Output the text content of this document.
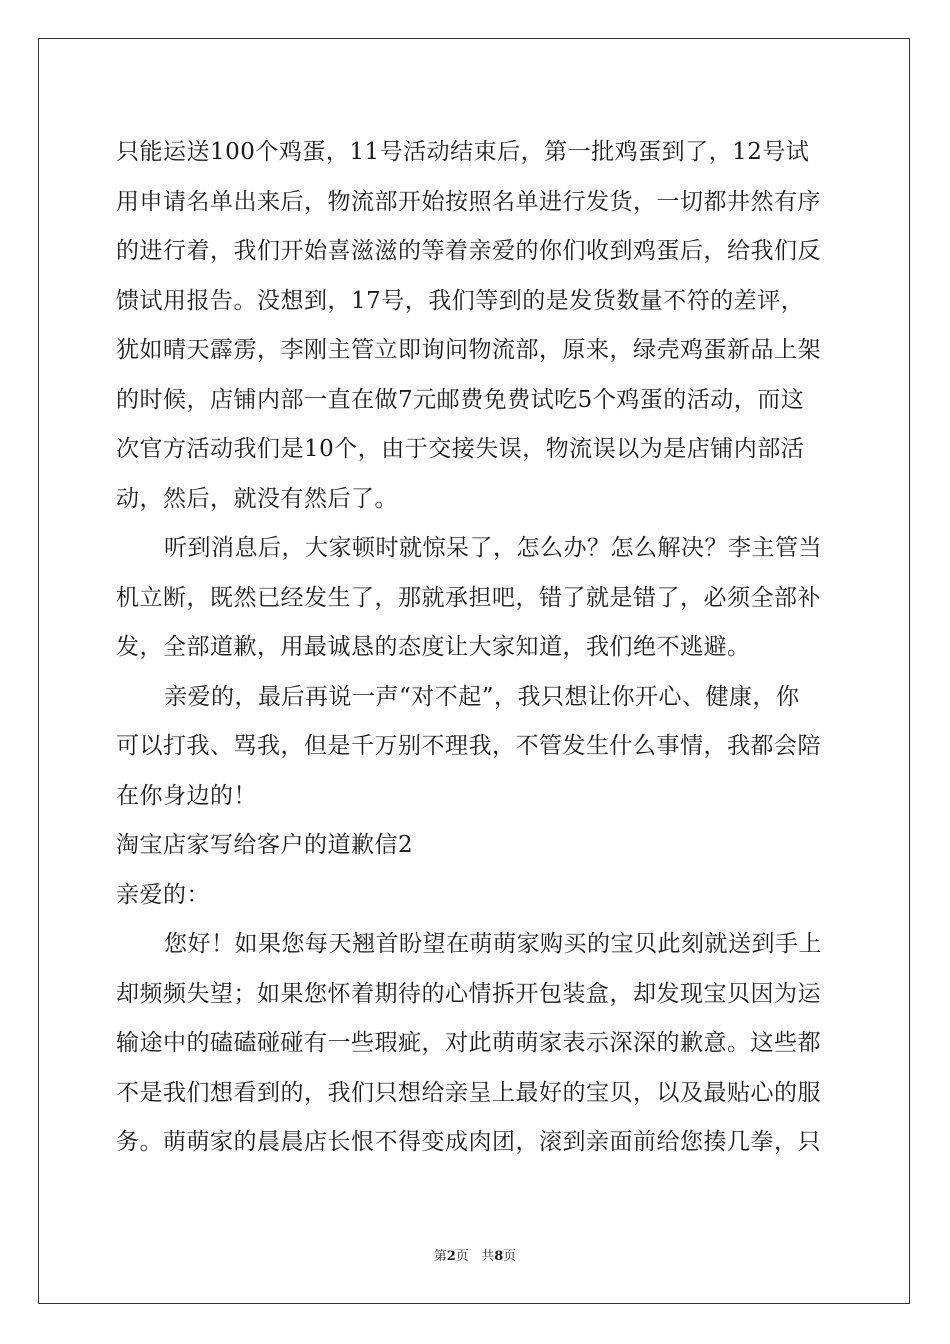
只能运送100个鸡蛋，11号活动结束后，第一批鸡蛋到了，12号试
用申请名单出来后，物流部开始按照名单进行发货，一切都井然有序
的进行着，我们开始喜滋滋的等着亲爱的你们收到鸡蛋后，给我们反
馈试用报告。没想到，17号，我们等到的是发货数量不符的差评，
犹如晴天霹雳，李刚主管立即询问物流部，原来，绿壳鸡蛋新品上架
的时候，店铺内部一直在做7元邮费免费试吃5个鸡蛋的活动，而这
次官方活动我们是10个，由于交接失误，物流误以为是店铺内部活
动，然后，就没有然后了。
听到消息后，大家顿时就惊呆了，怎么办？怎么解决？李主管当
机立断，既然已经发生了，那就承担吧，错了就是错了，必须全部补
发，全部道歉，用最诚恳的态度让大家知道，我们绝不逃避。
亲爱的，最后再说一声“对不起”，我只想让你开心、健康，你
可以打我、骂我，但是千万别不理我，不管发生什么事情，我都会陪
在你身边的！
淘宝店家写给客户的道歉信2
亲爱的：
您好！如果您每天翘首盼望在萌萌家购买的宝贝此刻就送到手上
却频频失望；如果您怀着期待的心情拆开包装盒，却发现宝贝因为运
输途中的磕磕碰碰有一些瑕疵，对此萌萌家表示深深的歉意。这些都
不是我们想看到的，我们只想给亲呈上最好的宝贝，以及最贴心的服
务。萌萌家的晨晨店长恨不得变成肉团，滚到亲面前给您揍几拳，只
第2页 共8页
